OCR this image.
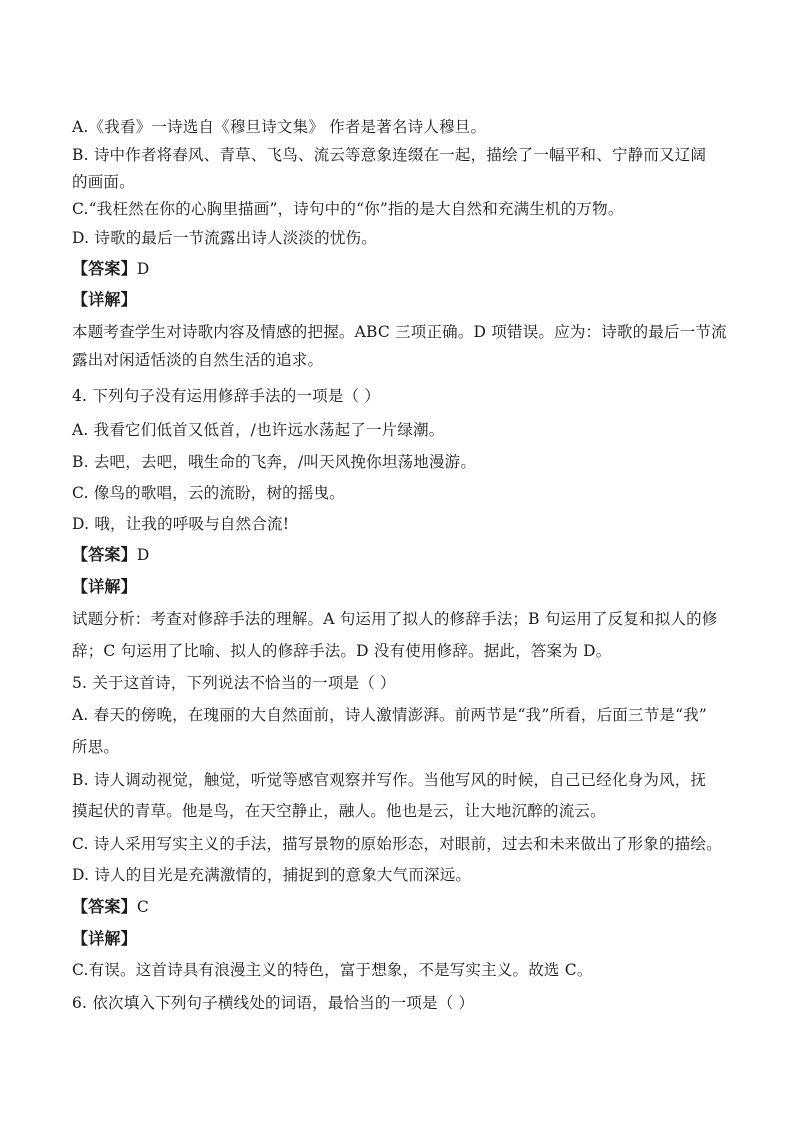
A.《我看》一诗选自《穆旦诗文集》 作者是著名诗人穆旦。
B. 诗中作者将春风、青草、飞鸟、流云等意象连缀在一起，描绘了一幅平和、宁静而又辽阔
的画面。
C.“我枉然在你的心胸里描画”，诗句中的“你”指的是大自然和充满生机的万物。
D. 诗歌的最后一节流露出诗人淡淡的忧伤。
【答案】D
【详解】
本题考查学生对诗歌内容及情感的把握。ABC 三项正确。D 项错误。应为：诗歌的最后一节流
露出对闲适恬淡的自然生活的追求。
4. 下列句子没有运用修辞手法的一项是（ ）
A. 我看它们低首又低首，/也许远水荡起了一片绿潮。
B. 去吧，去吧，哦生命的飞奔，/叫天风挽你坦荡地漫游。
C. 像鸟的歌唱，云的流盼，树的摇曳。
D. 哦，让我的呼吸与自然合流!
【答案】D
【详解】
试题分析：考查对修辞手法的理解。A 句运用了拟人的修辞手法；B 句运用了反复和拟人的修
辞；C 句运用了比喻、拟人的修辞手法。D 没有使用修辞。据此，答案为 D。
5. 关于这首诗，下列说法不恰当的一项是（ ）
A. 春天的傍晚，在瑰丽的大自然面前，诗人激情澎湃。前两节是“我”所看，后面三节是“我”
所思。
B. 诗人调动视觉，触觉，听觉等感官观察并写作。当他写风的时候，自己已经化身为风，抚
摸起伏的青草。他是鸟，在天空静止，融人。他也是云，让大地沉醉的流云。
C. 诗人采用写实主义的手法，描写景物的原始形态，对眼前，过去和未来做出了形象的描绘。
D. 诗人的目光是充满激情的，捕捉到的意象大气而深远。
【答案】C
【详解】
C.有误。这首诗具有浪漫主义的特色，富于想象，不是写实主义。故选 C。
6. 依次填入下列句子横线处的词语，最恰当的一项是（ ）
